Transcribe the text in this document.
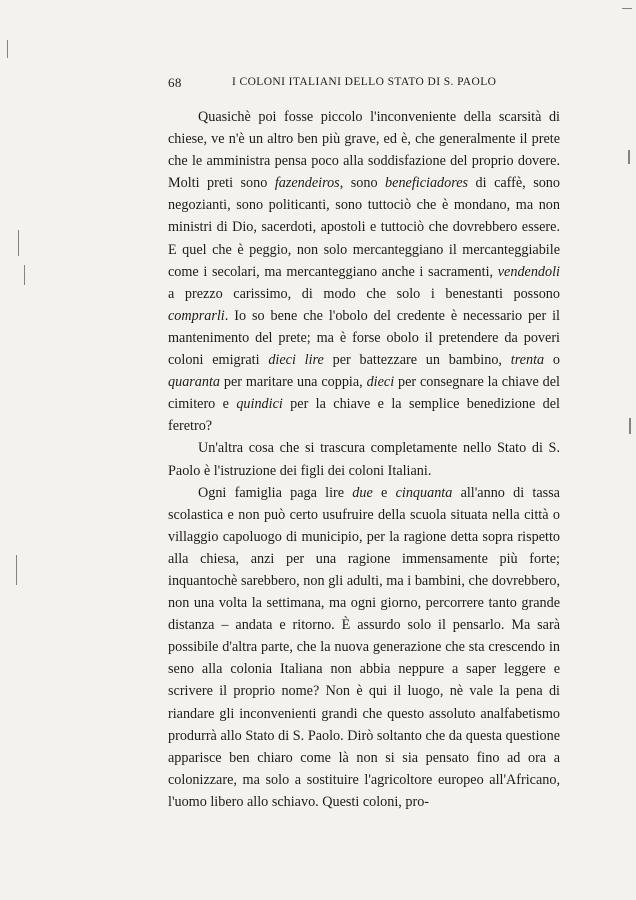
68	I COLONI ITALIANI DELLO STATO DI S. PAOLO

Quasichè poi fosse piccolo l'inconveniente della scarsità di chiese, ve n'è un altro ben più grave, ed è, che generalmente il prete che le amministra pensa poco alla soddisfazione del proprio dovere. Molti preti sono fazendeiros, sono beneficiadores di caffè, sono negozianti, sono politicanti, sono tuttociò che è mondano, ma non ministri di Dio, sacerdoti, apostoli e tuttociò che dovrebbero essere. E quel che è peggio, non solo mercanteggiano il mercanteggiabile come i secolari, ma mercanteggiano anche i sacramenti, vendendoli a prezzo carissimo, di modo che solo i benestanti possono comprarli. Io so bene che l'obolo del credente è necessario per il mantenimento del prete; ma è forse obolo il pretendere da poveri coloni emigrati dieci lire per battezzare un bambino, trenta o quaranta per maritare una coppia, dieci per consegnare la chiave del cimitero e quindici per la chiave e la semplice benedizione del feretro?

Un'altra cosa che si trascura completamente nello Stato di S. Paolo è l'istruzione dei figli dei coloni Italiani.

Ogni famiglia paga lire due e cinquanta all'anno di tassa scolastica e non può certo usufruire della scuola situata nella città o villaggio capoluogo di municipio, per la ragione detta sopra rispetto alla chiesa, anzi per una ragione immensamente più forte; inquantochè sarebbero, non gli adulti, ma i bambini, che dovrebbero, non una volta la settimana, ma ogni giorno, percorrere tanto grande distanza – andata e ritorno. È assurdo solo il pensarlo. Ma sarà possibile d'altra parte, che la nuova generazione che sta crescendo in seno alla colonia Italiana non abbia neppure a saper leggere e scrivere il proprio nome? Non è qui il luogo, nè vale la pena di riandare gli inconvenienti grandi che questo assoluto analfabetismo produrrà allo Stato di S. Paolo. Dirò soltanto che da questa questione apparisce ben chiaro come là non si sia pensato fino ad ora a colonizzare, ma solo a sostituire l'agricoltore europeo all'Africano, l'uomo libero allo schiavo. Questi coloni, pro-
